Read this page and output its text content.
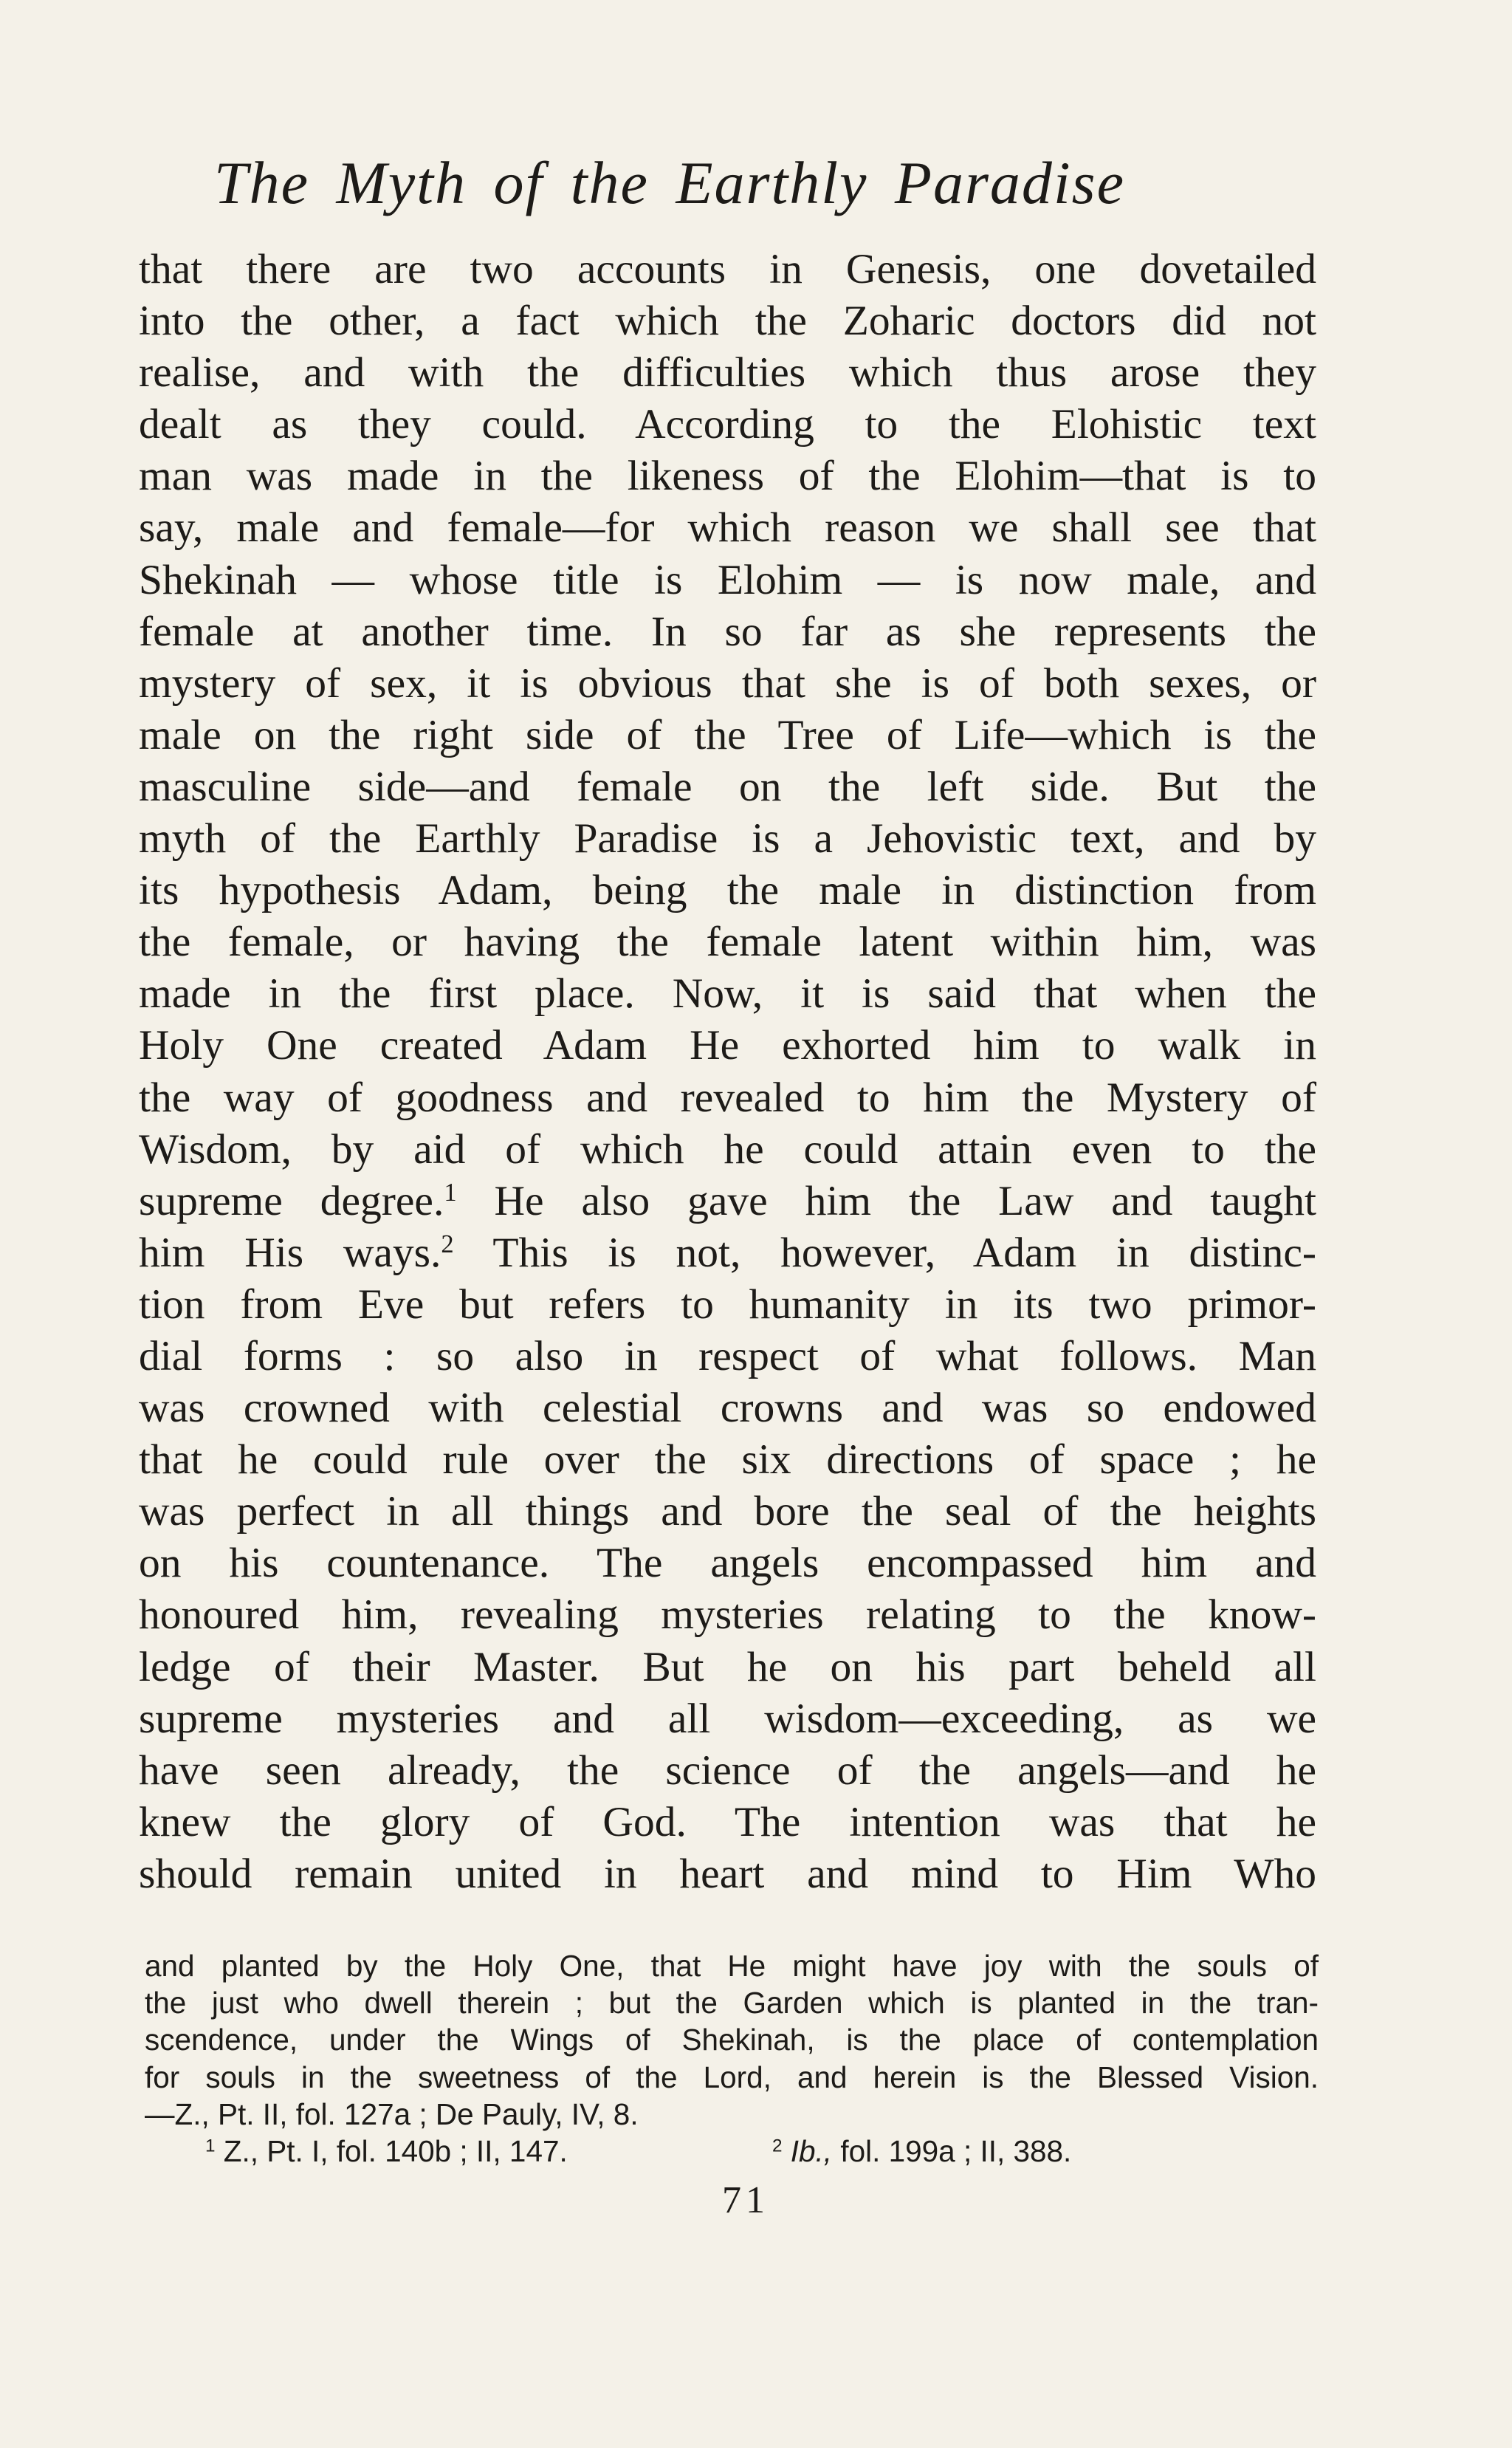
The Myth of the Earthly Paradise
that there are two accounts in Genesis, one dovetailed
into the other, a fact which the Zoharic doctors did not
realise, and with the difficulties which thus arose they
dealt as they could. According to the Elohistic text
man was made in the likeness of the Elohim—that is to
say, male and female—for which reason we shall see that
Shekinah — whose title is Elohim — is now male, and
female at another time. In so far as she represents the
mystery of sex, it is obvious that she is of both sexes, or
male on the right side of the Tree of Life—which is the
masculine side—and female on the left side. But the
myth of the Earthly Paradise is a Jehovistic text, and by
its hypothesis Adam, being the male in distinction from
the female, or having the female latent within him, was
made in the first place. Now, it is said that when the
Holy One created Adam He exhorted him to walk in
the way of goodness and revealed to him the Mystery of
Wisdom, by aid of which he could attain even to the
supreme degree.$^1$ He also gave him the Law and taught
him His ways.$^2$ This is not, however, Adam in distinc-
tion from Eve but refers to humanity in its two primor-
dial forms : so also in respect of what follows. Man
was crowned with celestial crowns and was so endowed
that he could rule over the six directions of space ; he
was perfect in all things and bore the seal of the heights
on his countenance. The angels encompassed him and
honoured him, revealing mysteries relating to the know-
ledge of their Master. But he on his part beheld all
supreme mysteries and all wisdom—exceeding, as we
have seen already, the science of the angels—and he
knew the glory of God. The intention was that he
should remain united in heart and mind to Him Who
and planted by the Holy One, that He might have joy with the souls of
the just who dwell therein ; but the Garden which is planted in the tran-
scendence, under the Wings of Shekinah, is the place of contemplation
for souls in the sweetness of the Lord, and herein is the Blessed Vision.
—Z., Pt. II, fol. 127a ; De Pauly, IV, 8.
$^1$ Z., Pt. I, fol. 140b ; II, 147.	$^2$ Ib., fol. 199a ; II, 388.
71
